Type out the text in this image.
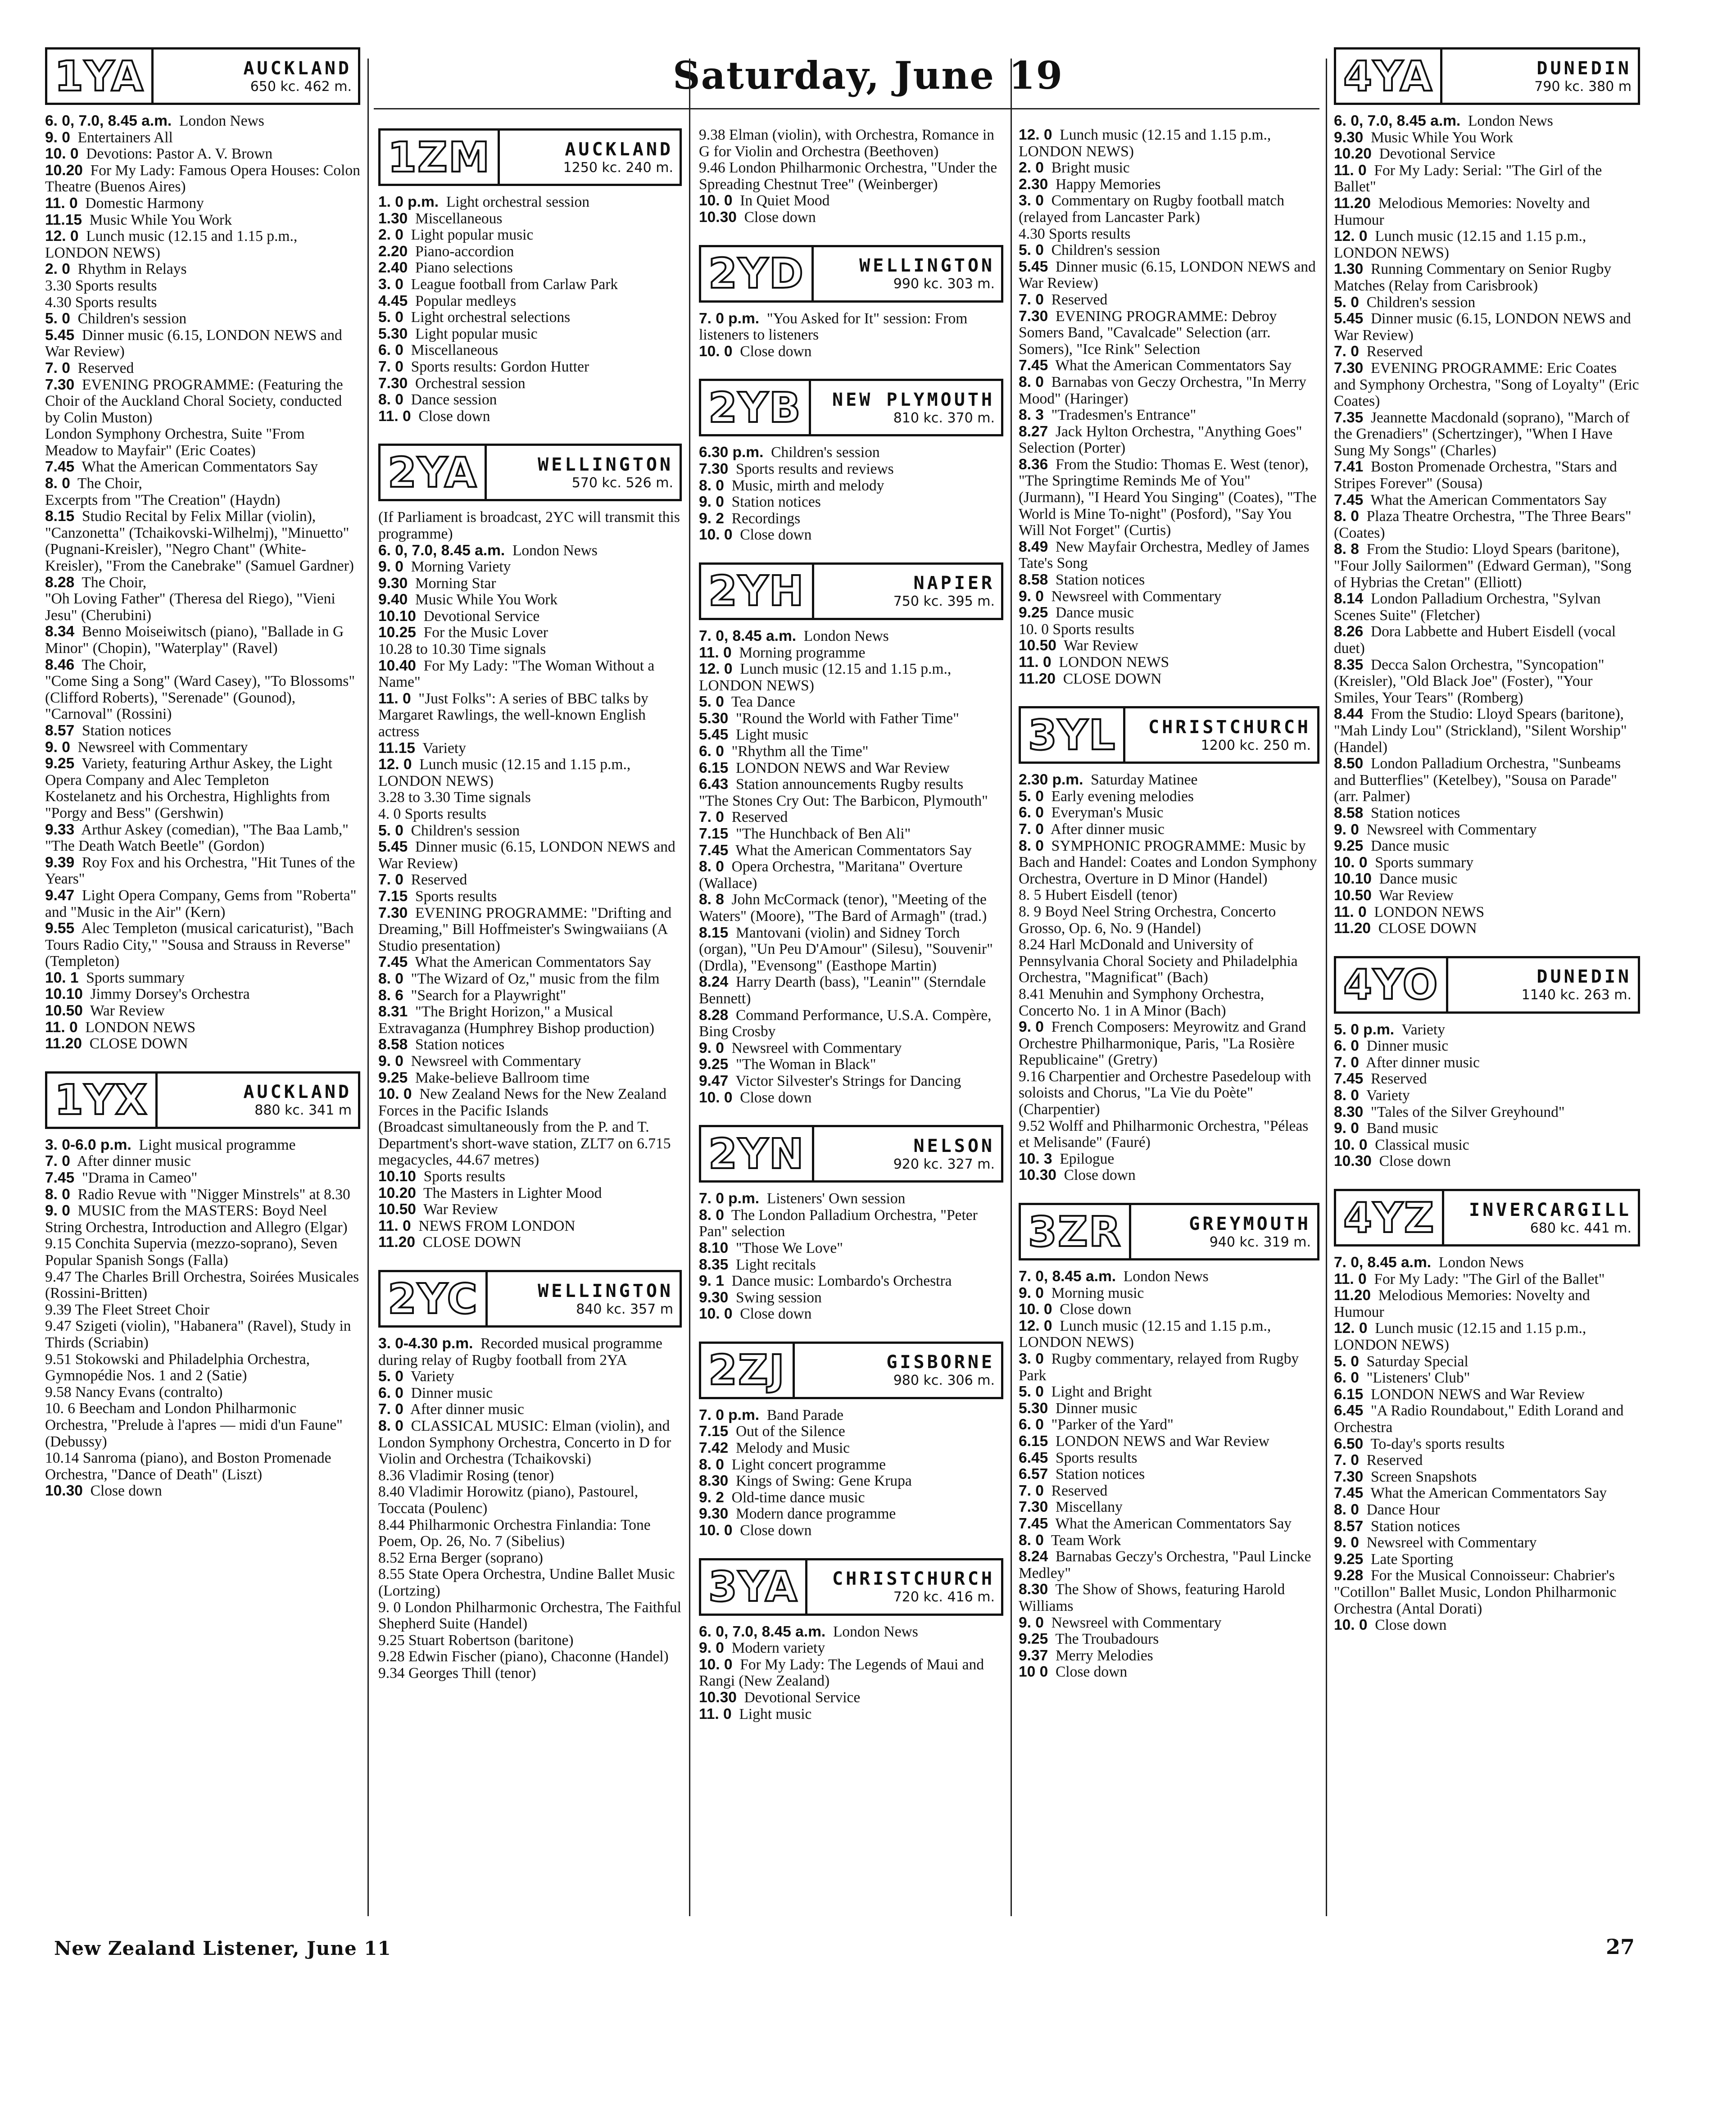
Saturday, June 19
1YA	AUCKLAND
650 kc. 462 m.
6. 0, 7.0, 8.45 a.m. London News
9. 0 Entertainers All
10. 0 Devotions: Pastor A. V. Brown
10.20 For My Lady: Famous Opera Houses: Colon Theatre (Buenos Aires)
11. 0 Domestic Harmony
11.15 Music While You Work
12. 0 Lunch music (12.15 and 1.15 p.m., LONDON NEWS)
2. 0 Rhythm in Relays
3.30 Sports results
4.30 Sports results
5. 0 Children's session
5.45 Dinner music (6.15, LONDON NEWS and War Review)
7. 0 Reserved
7.30 EVENING PROGRAMME: (Featuring the Choir of the Auckland Choral Society, conducted by Colin Muston)
London Symphony Orchestra, Suite "From Meadow to Mayfair" (Eric Coates)
7.45 What the American Commentators Say
8. 0 The Choir,
Excerpts from "The Creation" (Haydn)
8.15 Studio Recital by Felix Millar (violin),
"Canzonetta" (Tchaikovski-Wilhelmj), "Minuetto" (Pugnani-Kreisler), "Negro Chant" (White-Kreisler), "From the Canebrake" (Samuel Gardner)
8.28 The Choir,
"Oh Loving Father" (Theresa del Riego), "Vieni Jesu" (Cherubini)
8.34 Benno Moiseiwitsch (piano), "Ballade in G Minor" (Chopin), "Waterplay" (Ravel)
8.46 The Choir,
"Come Sing a Song" (Ward Casey), "To Blossoms" (Clifford Roberts), "Serenade" (Gounod), "Carnoval" (Rossini)
8.57 Station notices
9. 0 Newsreel with Commentary
9.25 Variety, featuring Arthur Askey, the Light Opera Company and Alec Templeton
Kostelanetz and his Orchestra, Highlights from "Porgy and Bess" (Gershwin)
9.33 Arthur Askey (comedian), "The Baa Lamb," "The Death Watch Beetle" (Gordon)
9.39 Roy Fox and his Orchestra, "Hit Tunes of the Years"
9.47 Light Opera Company, Gems from "Roberta" and "Music in the Air" (Kern)
9.55 Alec Templeton (musical caricaturist), "Bach Tours Radio City," "Sousa and Strauss in Reverse" (Templeton)
10. 1 Sports summary
10.10 Jimmy Dorsey's Orchestra
10.50 War Review
11. 0 LONDON NEWS
11.20 CLOSE DOWN
1YX	AUCKLAND
880 kc. 341 m
3. 0-6.0 p.m. Light musical programme
7. 0 After dinner music
7.45 "Drama in Cameo"
8. 0 Radio Revue with "Nigger Minstrels" at 8.30
9. 0 MUSIC from the MASTERS: Boyd Neel String Orchestra, Introduction and Allegro (Elgar)
9.15 Conchita Supervia (mezzo-soprano), Seven Popular Spanish Songs (Falla)
9.47 The Charles Brill Orchestra, Soirées Musicales (Rossini-Britten)
9.39 The Fleet Street Choir
9.47 Szigeti (violin), "Habanera" (Ravel), Study in Thirds (Scriabin)
9.51 Stokowski and Philadelphia Orchestra, Gymnopédie Nos. 1 and 2 (Satie)
9.58 Nancy Evans (contralto)
10. 6 Beecham and London Philharmonic Orchestra, "Prelude à l'apres — midi d'un Faune" (Debussy)
10.14 Sanroma (piano), and Boston Promenade Orchestra, "Dance of Death" (Liszt)
10.30 Close down
1ZM	AUCKLAND
1250 kc. 240 m.
1. 0 p.m. Light orchestral session
1.30 Miscellaneous
2. 0 Light popular music
2.20 Piano-accordion
2.40 Piano selections
3. 0 League football from Carlaw Park
4.45 Popular medleys
5. 0 Light orchestral selections
5.30 Light popular music
6. 0 Miscellaneous
7. 0 Sports results: Gordon Hutter
7.30 Orchestral session
8. 0 Dance session
11. 0 Close down
2YA	WELLINGTON
570 kc. 526 m.
(If Parliament is broadcast, 2YC will transmit this programme)
6. 0, 7.0, 8.45 a.m. London News
9. 0 Morning Variety
9.30 Morning Star
9.40 Music While You Work
10.10 Devotional Service
10.25 For the Music Lover
10.28 to 10.30 Time signals
10.40 For My Lady: "The Woman Without a Name"
11. 0 "Just Folks": A series of BBC talks by Margaret Rawlings, the well-known English actress
11.15 Variety
12. 0 Lunch music (12.15 and 1.15 p.m., LONDON NEWS)
3.28 to 3.30 Time signals
4. 0 Sports results
5. 0 Children's session
5.45 Dinner music (6.15, LONDON NEWS and War Review)
7. 0 Reserved
7.15 Sports results
7.30 EVENING PROGRAMME: "Drifting and Dreaming," Bill Hoffmeister's Swingwaiians (A Studio presentation)
7.45 What the American Commentators Say
8. 0 "The Wizard of Oz," music from the film
8. 6 "Search for a Playwright"
8.31 "The Bright Horizon," a Musical Extravaganza (Humphrey Bishop production)
8.58 Station notices
9. 0 Newsreel with Commentary
9.25 Make-believe Ballroom time
10. 0 New Zealand News for the New Zealand Forces in the Pacific Islands
(Broadcast simultaneously from the P. and T. Department's short-wave station, ZLT7 on 6.715 megacycles, 44.67 metres)
10.10 Sports results
10.20 The Masters in Lighter Mood
10.50 War Review
11. 0 NEWS FROM LONDON
11.20 CLOSE DOWN
2YC	WELLINGTON
840 kc. 357 m
3. 0-4.30 p.m. Recorded musical programme during relay of Rugby football from 2YA
5. 0 Variety
6. 0 Dinner music
7. 0 After dinner music
8. 0 CLASSICAL MUSIC: Elman (violin), and London Symphony Orchestra, Concerto in D for Violin and Orchestra (Tchaikovski)
8.36 Vladimir Rosing (tenor)
8.40 Vladimir Horowitz (piano), Pastourel, Toccata (Poulenc)
8.44 Philharmonic Orchestra Finlandia: Tone Poem, Op. 26, No. 7 (Sibelius)
8.52 Erna Berger (soprano)
8.55 State Opera Orchestra, Undine Ballet Music (Lortzing)
9. 0 London Philharmonic Orchestra, The Faithful Shepherd Suite (Handel)
9.25 Stuart Robertson (baritone)
9.28 Edwin Fischer (piano), Chaconne (Handel)
9.34 Georges Thill (tenor)
9.38 Elman (violin), with Orchestra, Romance in G for Violin and Orchestra (Beethoven)
9.46 London Philharmonic Orchestra, "Under the Spreading Chestnut Tree" (Weinberger)
10. 0 In Quiet Mood
10.30 Close down
2YD	WELLINGTON
990 kc. 303 m.
7. 0 p.m. "You Asked for It" session: From listeners to listeners
10. 0 Close down
2YB	NEW PLYMOUTH
810 kc. 370 m.
6.30 p.m. Children's session
7.30 Sports results and reviews
8. 0 Music, mirth and melody
9. 0 Station notices
9. 2 Recordings
10. 0 Close down
2YH	NAPIER
750 kc. 395 m.
7. 0, 8.45 a.m. London News
11. 0 Morning programme
12. 0 Lunch music (12.15 and 1.15 p.m., LONDON NEWS)
5. 0 Tea Dance
5.30 "Round the World with Father Time"
5.45 Light music
6. 0 "Rhythm all the Time"
6.15 LONDON NEWS and War Review
6.43 Station announcements Rugby results
"The Stones Cry Out: The Barbicon, Plymouth"
7. 0 Reserved
7.15 "The Hunchback of Ben Ali"
7.45 What the American Commentators Say
8. 0 Opera Orchestra, "Maritana" Overture (Wallace)
8. 8 John McCormack (tenor), "Meeting of the Waters" (Moore), "The Bard of Armagh" (trad.)
8.15 Mantovani (violin) and Sidney Torch (organ), "Un Peu D'Amour" (Silesu), "Souvenir" (Drdla), "Evensong" (Easthope Martin)
8.24 Harry Dearth (bass), "Leanin'" (Sterndale Bennett)
8.28 Command Performance, U.S.A. Compère, Bing Crosby
9. 0 Newsreel with Commentary
9.25 "The Woman in Black"
9.47 Victor Silvester's Strings for Dancing
10. 0 Close down
2YN	NELSON
920 kc. 327 m.
7. 0 p.m. Listeners' Own session
8. 0 The London Palladium Orchestra, "Peter Pan" selection
8.10 "Those We Love"
8.35 Light recitals
9. 1 Dance music: Lombardo's Orchestra
9.30 Swing session
10. 0 Close down
2ZJ	GISBORNE
980 kc. 306 m.
7. 0 p.m. Band Parade
7.15 Out of the Silence
7.42 Melody and Music
8. 0 Light concert programme
8.30 Kings of Swing: Gene Krupa
9. 2 Old-time dance music
9.30 Modern dance programme
10. 0 Close down
3YA	CHRISTCHURCH
720 kc. 416 m.
6. 0, 7.0, 8.45 a.m. London News
9. 0 Modern variety
10. 0 For My Lady: The Legends of Maui and Rangi (New Zealand)
10.30 Devotional Service
11. 0 Light music
12. 0 Lunch music (12.15 and 1.15 p.m., LONDON NEWS)
2. 0 Bright music
2.30 Happy Memories
3. 0 Commentary on Rugby football match (relayed from Lancaster Park)
4.30 Sports results
5. 0 Children's session
5.45 Dinner music (6.15, LONDON NEWS and War Review)
7. 0 Reserved
7.30 EVENING PROGRAMME: Debroy Somers Band, "Cavalcade" Selection (arr. Somers), "Ice Rink" Selection
7.45 What the American Commentators Say
8. 0 Barnabas von Geczy Orchestra, "In Merry Mood" (Haringer)
8. 3 "Tradesmen's Entrance"
8.27 Jack Hylton Orchestra, "Anything Goes" Selection (Porter)
8.36 From the Studio: Thomas E. West (tenor),
"The Springtime Reminds Me of You" (Jurmann), "I Heard You Singing" (Coates), "The World is Mine To-night" (Posford), "Say You Will Not Forget" (Curtis)
8.49 New Mayfair Orchestra, Medley of James Tate's Song
8.58 Station notices
9. 0 Newsreel with Commentary
9.25 Dance music
10. 0 Sports results
10.50 War Review
11. 0 LONDON NEWS
11.20 CLOSE DOWN
3YL	CHRISTCHURCH
1200 kc. 250 m.
2.30 p.m. Saturday Matinee
5. 0 Early evening melodies
6. 0 Everyman's Music
7. 0 After dinner music
8. 0 SYMPHONIC PROGRAMME: Music by Bach and Handel: Coates and London Symphony Orchestra, Overture in D Minor (Handel)
8. 5 Hubert Eisdell (tenor)
8. 9 Boyd Neel String Orchestra, Concerto Grosso, Op. 6, No. 9 (Handel)
8.24 Harl McDonald and University of Pennsylvania Choral Society and Philadelphia Orchestra, "Magnificat" (Bach)
8.41 Menuhin and Symphony Orchestra, Concerto No. 1 in A Minor (Bach)
9. 0 French Composers: Meyrowitz and Grand Orchestre Philharmonique, Paris, "La Rosière Republicaine" (Gretry)
9.16 Charpentier and Orchestre Pasedeloup with soloists and Chorus, "La Vie du Poète" (Charpentier)
9.52 Wolff and Philharmonic Orchestra, "Péleas et Melisande" (Fauré)
10. 3 Epilogue
10.30 Close down
3ZR	GREYMOUTH
940 kc. 319 m.
7. 0, 8.45 a.m. London News
9. 0 Morning music
10. 0 Close down
12. 0 Lunch music (12.15 and 1.15 p.m., LONDON NEWS)
3. 0 Rugby commentary, relayed from Rugby Park
5. 0 Light and Bright
5.30 Dinner music
6. 0 "Parker of the Yard"
6.15 LONDON NEWS and War Review
6.45 Sports results
6.57 Station notices
7. 0 Reserved
7.30 Miscellany
7.45 What the American Commentators Say
8. 0 Team Work
8.24 Barnabas Geczy's Orchestra, "Paul Lincke Medley"
8.30 The Show of Shows, featuring Harold Williams
9. 0 Newsreel with Commentary
9.25 The Troubadours
9.37 Merry Melodies
10 0 Close down
4YA	DUNEDIN
790 kc. 380 m
6. 0, 7.0, 8.45 a.m. London News
9.30 Music While You Work
10.20 Devotional Service
11. 0 For My Lady: Serial: "The Girl of the Ballet"
11.20 Melodious Memories: Novelty and Humour
12. 0 Lunch music (12.15 and 1.15 p.m., LONDON NEWS)
1.30 Running Commentary on Senior Rugby Matches (Relay from Carisbrook)
5. 0 Children's session
5.45 Dinner music (6.15, LONDON NEWS and War Review)
7. 0 Reserved
7.30 EVENING PROGRAMME: Eric Coates and Symphony Orchestra, "Song of Loyalty" (Eric Coates)
7.35 Jeannette Macdonald (soprano), "March of the Grenadiers" (Schertzinger), "When I Have Sung My Songs" (Charles)
7.41 Boston Promenade Orchestra, "Stars and Stripes Forever" (Sousa)
7.45 What the American Commentators Say
8. 0 Plaza Theatre Orchestra, "The Three Bears" (Coates)
8. 8 From the Studio: Lloyd Spears (baritone), "Four Jolly Sailormen" (Edward German), "Song of Hybrias the Cretan" (Elliott)
8.14 London Palladium Orchestra, "Sylvan Scenes Suite" (Fletcher)
8.26 Dora Labbette and Hubert Eisdell (vocal duet)
8.35 Decca Salon Orchestra, "Syncopation" (Kreisler), "Old Black Joe" (Foster), "Your Smiles, Your Tears" (Romberg)
8.44 From the Studio: Lloyd Spears (baritone), "Mah Lindy Lou" (Strickland), "Silent Worship" (Handel)
8.50 London Palladium Orchestra, "Sunbeams and Butterflies" (Ketelbey), "Sousa on Parade" (arr. Palmer)
8.58 Station notices
9. 0 Newsreel with Commentary
9.25 Dance music
10. 0 Sports summary
10.10 Dance music
10.50 War Review
11. 0 LONDON NEWS
11.20 CLOSE DOWN
4YO	DUNEDIN
1140 kc. 263 m.
5. 0 p.m. Variety
6. 0 Dinner music
7. 0 After dinner music
7.45 Reserved
8. 0 Variety
8.30 "Tales of the Silver Greyhound"
9. 0 Band music
10. 0 Classical music
10.30 Close down
4YZ	INVERCARGILL
680 kc. 441 m.
7. 0, 8.45 a.m. London News
11. 0 For My Lady: "The Girl of the Ballet"
11.20 Melodious Memories: Novelty and Humour
12. 0 Lunch music (12.15 and 1.15 p.m., LONDON NEWS)
5. 0 Saturday Special
6. 0 "Listeners' Club"
6.15 LONDON NEWS and War Review
6.45 "A Radio Roundabout," Edith Lorand and Orchestra
6.50 To-day's sports results
7. 0 Reserved
7.30 Screen Snapshots
7.45 What the American Commentators Say
8. 0 Dance Hour
8.57 Station notices
9. 0 Newsreel with Commentary
9.25 Late Sporting
9.28 For the Musical Connoisseur: Chabrier's "Cotillon" Ballet Music, London Philharmonic Orchestra (Antal Dorati)
10. 0 Close down
New Zealand Listener, June 11	27
